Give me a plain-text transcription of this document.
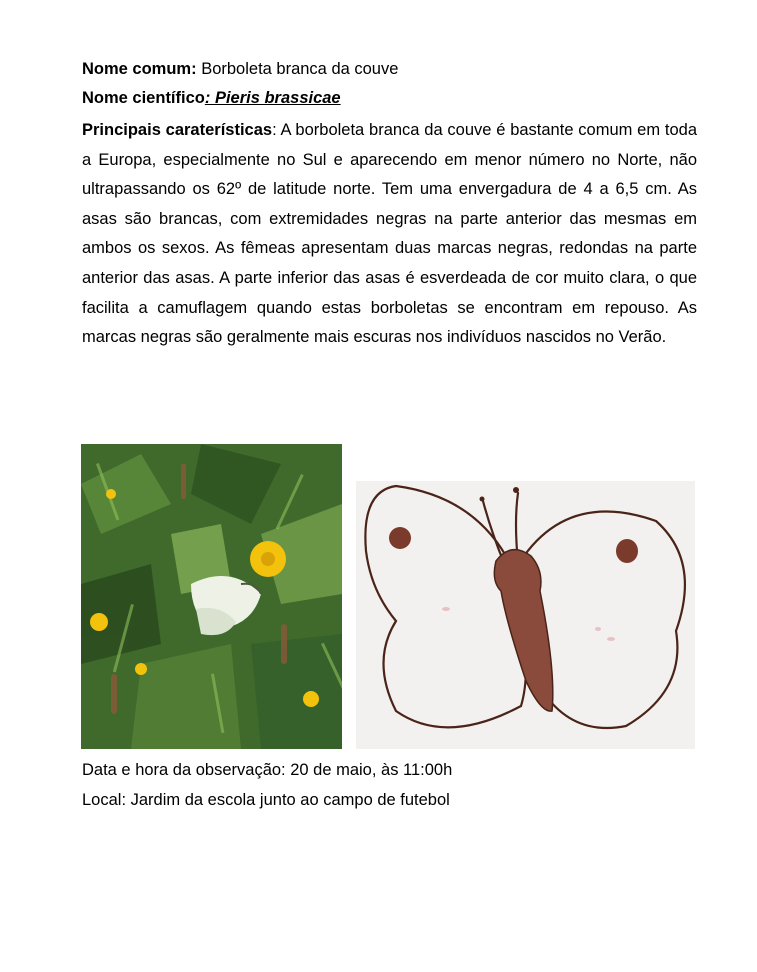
Nome comum: Borboleta branca da couve
Nome científico: Pieris brassicae
Principais caraterísticas: A borboleta branca da couve é bastante comum em toda a Europa, especialmente no Sul e aparecendo em menor número no Norte, não ultrapassando os 62º de latitude norte. Tem uma envergadura de 4 a 6,5 cm. As asas são brancas, com extremidades negras na parte anterior das mesmas em ambos os sexos. As fêmeas apresentam duas marcas negras, redondas na parte anterior das asas. A parte inferior das asas é esverdeada de cor muito clara, o que facilita a camuflagem quando estas borboletas se encontram em repouso. As marcas negras são geralmente mais escuras nos indivíduos nascidos no Verão.
Data e hora da observação: 20 de maio, às 11:00h
Local: Jardim da escola junto ao campo de futebol
